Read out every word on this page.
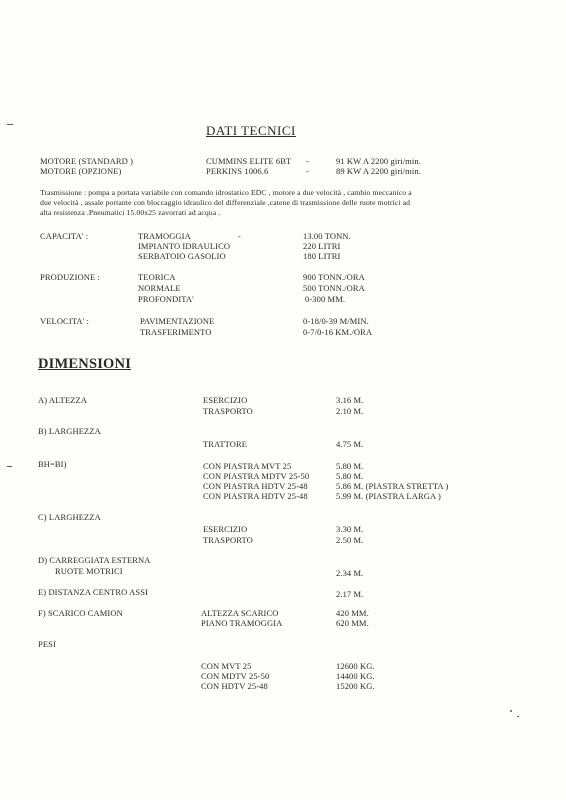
DATI TECNICI
MOTORE (STANDARD )	CUMMINS ELITE 6BT -	91 KW A 2200 giri/min.
MOTORE (OPZIONE)	PERKINS 1006.6	-	89 KW A 2200 giri/min.
Trasmissione : pompa a portata variabile con comando idrostatico EDC , motore a due velocità , cambio meccanico a
due velocità , assale portante con bloccaggio idraulico del differenziale ,catene di trasmissione delle ruote motrici ad
alta resistenza .Pneumatici 15.00x25 zavorrati ad acqua .
CAPACITA' :	TRAMOGGIA	-	13.00 TONN.
IMPIANTO IDRAULICO	220 LITRI
SERBATOIO GASOLIO	180 LITRI
PRODUZIONE :	TEORICA	900 TONN./ORA
NORMALE	500 TONN./ORA
PROFONDITA'	0-300 MM.
VELOCITA' :	PAVIMENTAZIONE	0-18/0-39 M/MIN.
TRASFERIMENTO	0-7/0-16 KM./ORA
DIMENSIONI
A) ALTEZZA	ESERCIZIO	3.16 M.
TRASPORTO	2.10 M.
B) LARGHEZZA
TRATTORE	4.75 M.
BH=BI)	CON PIASTRA MVT 25	5.80 M.
CON PIASTRA MDTV 25-50	5.80 M.
CON PIASTRA HDTV 25-48	5.86 M. (PIASTRA STRETTA )
CON PIASTRA HDTV 25-48	5.99 M. (PIASTRA LARGA )
C) LARGHEZZA
ESERCIZIO	3.30 M.
TRASPORTO	2.50 M.
D) CARREGGIATA ESTERNA
RUOTE MOTRICI	2.34 M.
E) DISTANZA CENTRO ASSI	2.17 M.
F) SCARICO CAMION	ALTEZZA SCARICO	420 MM.
PIANO TRAMOGGIA	620 MM.
PESI
CON MVT 25	12600 KG.
CON MDTV 25-50	14400 KG.
CON HDTV 25-48	15200 KG.
